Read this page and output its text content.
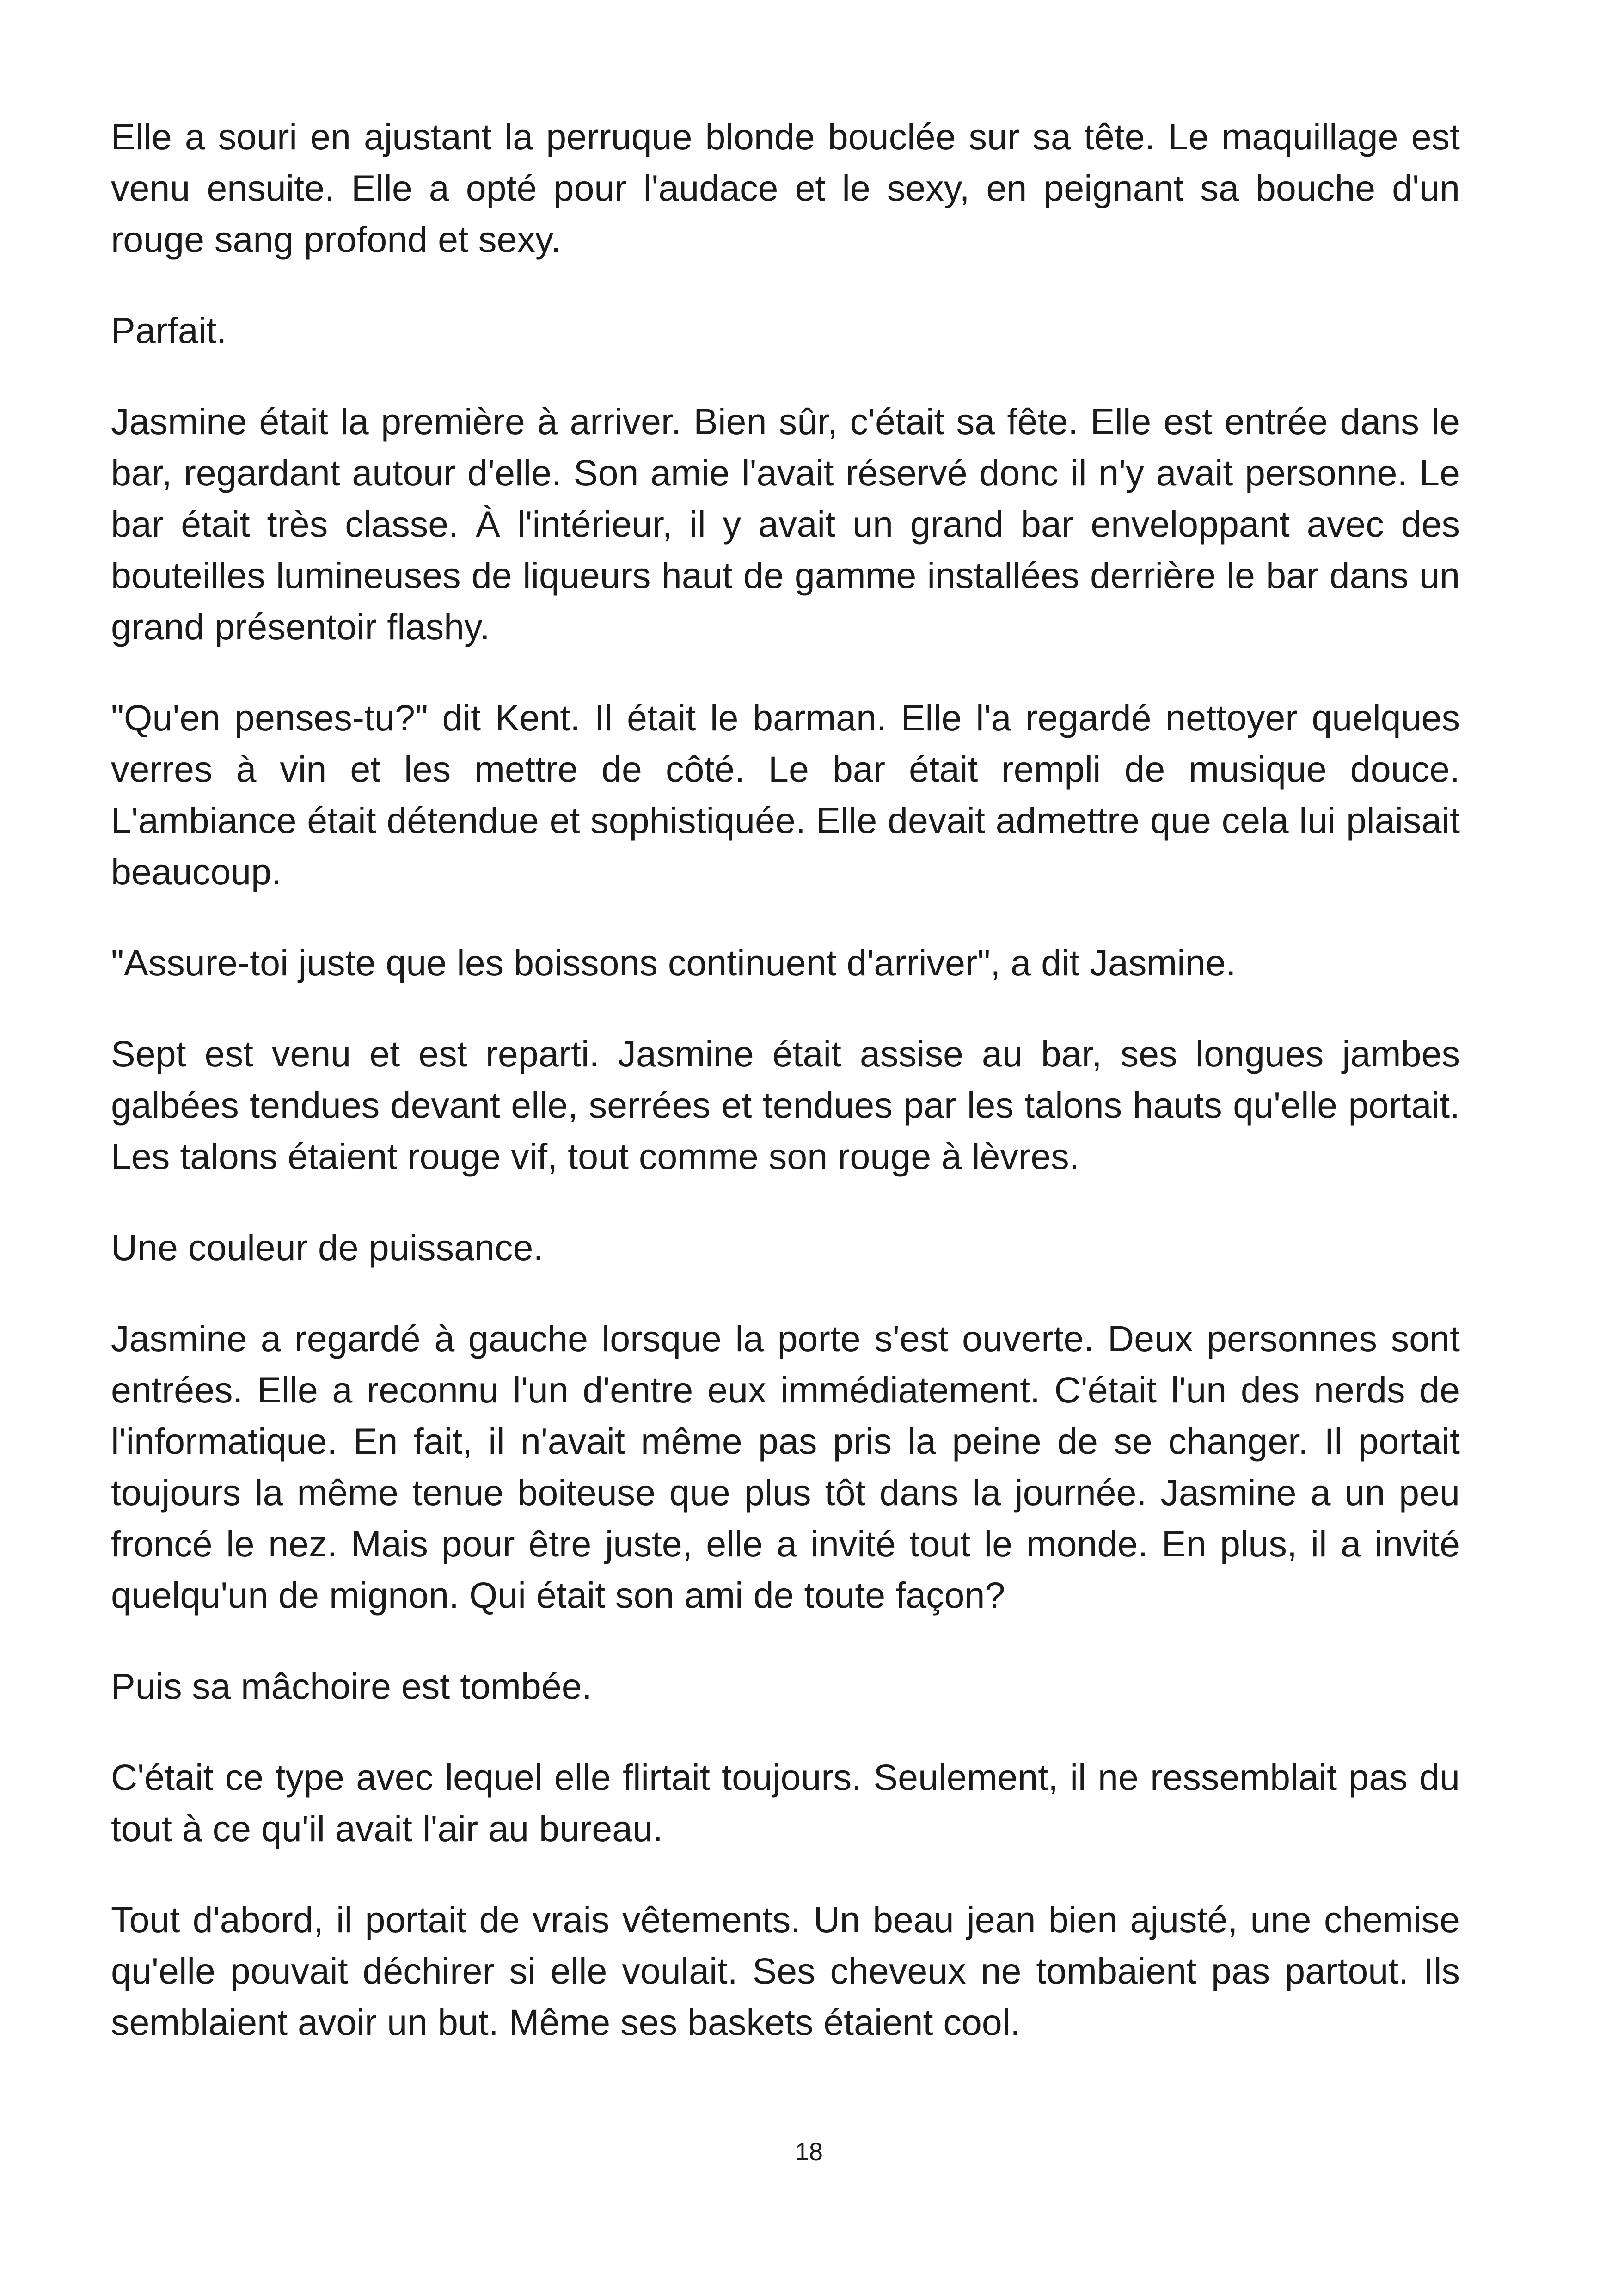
Elle a souri en ajustant la perruque blonde bouclée sur sa tête. Le maquillage est venu ensuite. Elle a opté pour l'audace et le sexy, en peignant sa bouche d'un rouge sang profond et sexy.

Parfait.

Jasmine était la première à arriver. Bien sûr, c'était sa fête. Elle est entrée dans le bar, regardant autour d'elle. Son amie l'avait réservé donc il n'y avait personne. Le bar était très classe. À l'intérieur, il y avait un grand bar enveloppant avec des bouteilles lumineuses de liqueurs haut de gamme installées derrière le bar dans un grand présentoir flashy.

"Qu'en penses-tu?" dit Kent. Il était le barman. Elle l'a regardé nettoyer quelques verres à vin et les mettre de côté. Le bar était rempli de musique douce. L'ambiance était détendue et sophistiquée. Elle devait admettre que cela lui plaisait beaucoup.

"Assure-toi juste que les boissons continuent d'arriver", a dit Jasmine.

Sept est venu et est reparti. Jasmine était assise au bar, ses longues jambes galbées tendues devant elle, serrées et tendues par les talons hauts qu'elle portait. Les talons étaient rouge vif, tout comme son rouge à lèvres.

Une couleur de puissance.

Jasmine a regardé à gauche lorsque la porte s'est ouverte. Deux personnes sont entrées. Elle a reconnu l'un d'entre eux immédiatement. C'était l'un des nerds de l'informatique. En fait, il n'avait même pas pris la peine de se changer. Il portait toujours la même tenue boiteuse que plus tôt dans la journée. Jasmine a un peu froncé le nez. Mais pour être juste, elle a invité tout le monde. En plus, il a invité quelqu'un de mignon. Qui était son ami de toute façon?

Puis sa mâchoire est tombée.

C'était ce type avec lequel elle flirtait toujours. Seulement, il ne ressemblait pas du tout à ce qu'il avait l'air au bureau.

Tout d'abord, il portait de vrais vêtements. Un beau jean bien ajusté, une chemise qu'elle pouvait déchirer si elle voulait. Ses cheveux ne tombaient pas partout. Ils semblaient avoir un but. Même ses baskets étaient cool.

18
